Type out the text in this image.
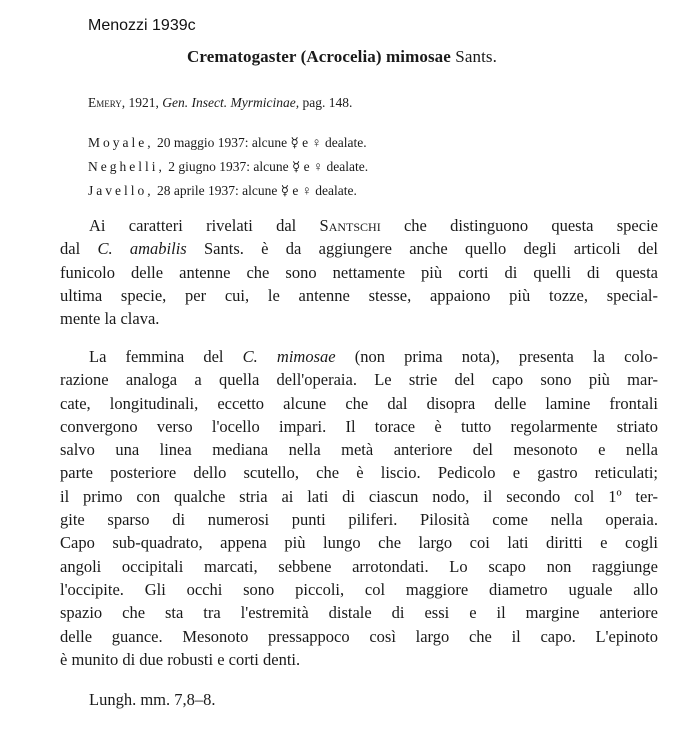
Menozzi 1939c
Crematogaster (Acrocelia) mimosae Sants.
Emery, 1921, Gen. Insect. Myrmicinae, pag. 148.
Moyale, 20 maggio 1937: alcune ☿ e ♀ dealate.
Neghelli, 2 giugno 1937: alcune ☿ e ♀ dealate.
Javello, 28 aprile 1937: alcune ☿ e ♀ dealate.
Ai caratteri rivelati dal Santschi che distinguono questa specie
dal C. amabilis Sants. è da aggiungere anche quello degli articoli del
funicolo delle antenne che sono nettamente più corti di quelli di questa
ultima specie, per cui, le antenne stesse, appaiono più tozze, special-
mente la clava.
La femmina del C. mimosae (non prima nota), presenta la colo-
razione analoga a quella dell'operaia. Le strie del capo sono più mar-
cate, longitudinali, eccetto alcune che dal disopra delle lamine frontali
convergono verso l'ocello impari. Il torace è tutto regolarmente striato
salvo una linea mediana nella metà anteriore del mesonoto e nella
parte posteriore dello scutello, che è liscio. Pedicolo e gastro reticulati;
il primo con qualche stria ai lati di ciascun nodo, il secondo col 1º ter-
gite sparso di numerosi punti piliferi. Pilosità come nella operaia.
Capo sub-quadrato, appena più lungo che largo coi lati diritti e cogli
angoli occipitali marcati, sebbene arrotondati. Lo scapo non raggiunge
l'occipite. Gli occhi sono piccoli, col maggiore diametro uguale allo
spazio che sta tra l'estremità distale di essi e il margine anteriore
delle guance. Mesonoto pressappoco così largo che il capo. L'epinoto
è munito di due robusti e corti denti.
Lungh. mm. 7,8–8.
